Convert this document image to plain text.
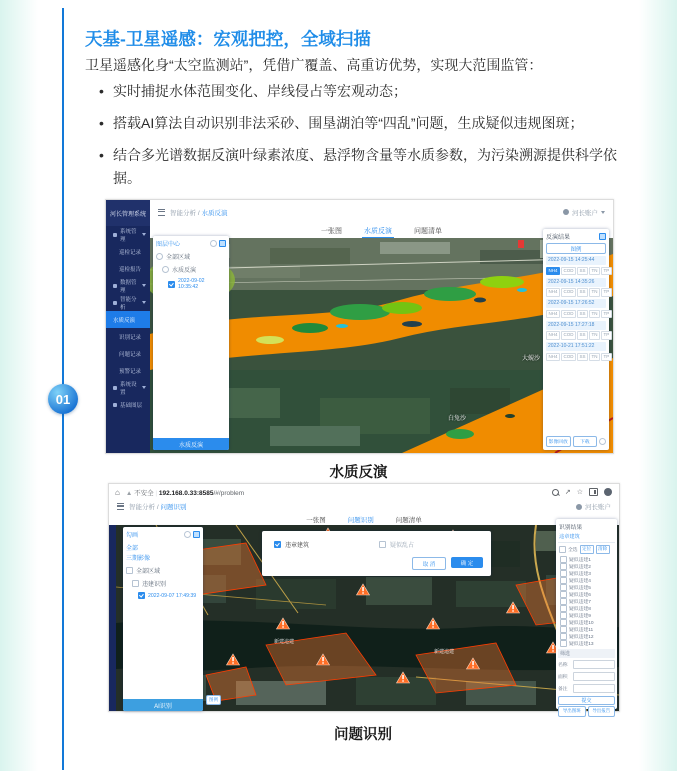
01
天基-卫星遥感：宏观把控，全域扫描
卫星遥感化身“太空监测站”，凭借广覆盖、高重访优势，实现大范围监管：
• 实时捕捉水体范围变化、岸线侵占等宏观动态；
• 搭载AI算法自动识别非法采砂、围垦湖泊等“四乱”问题，生成疑似违规图斑；
• 结合多光谱数据反演叶绿素浓度、悬浮物含量等水质参数，为污染溯源提供科学依据。
河长管理系统
系统管理
巡检记录
巡检报告
数据管理
智能分析
水质反演
识别记录
问题记录
预警记录
系统设置
基础图层
智能分析 / 水质反演	河长账户
一张图	水质反演	问题清单
大蜆沙
白兔沙
图层中心
全部区域
水质反演
2022-09-02 10:35:42
水质反演
反演结果
图例
2022-09-15 14:25:44
NH4	COD	SS	TN	TP
2022-09-15 14:35:26
NH4	COD	SS	TN	TP
2022-09-15 17:26:52
NH4	COD	SS	TN	TP
2022-09-15 17:27:18
NH4	COD	SS	TN	TP
2022-10-21 17:51:22
NH4	COD	SS	TN	TP
影像回放	下载
水质反演
⌂ ▲ 不安全 | 192.168.0.33:8585/#/problem	↗ ☆
智能分析 / 问题识别	河长账户
一张图	问题识别	问题清单
新建违建
新建违建
图例
勾画
全部
三期影像
全部区域
违建识别
2022-09-07 17:49:39
AI识别
违章建筑	疑似乱占
取 消	确 定
识别结果
违章建筑
全选	定位	清除
疑似违建1
疑似违建2
疑似违建3
疑似违建4
疑似违建5
疑似违建6
疑似违建7
疑似违建8
疑似违建9
疑似违建10
疑似违建11
疑似违建12
疑似违建13
筛选
名称
面积
备注
提交
导出图斑	导出报告
问题识别
